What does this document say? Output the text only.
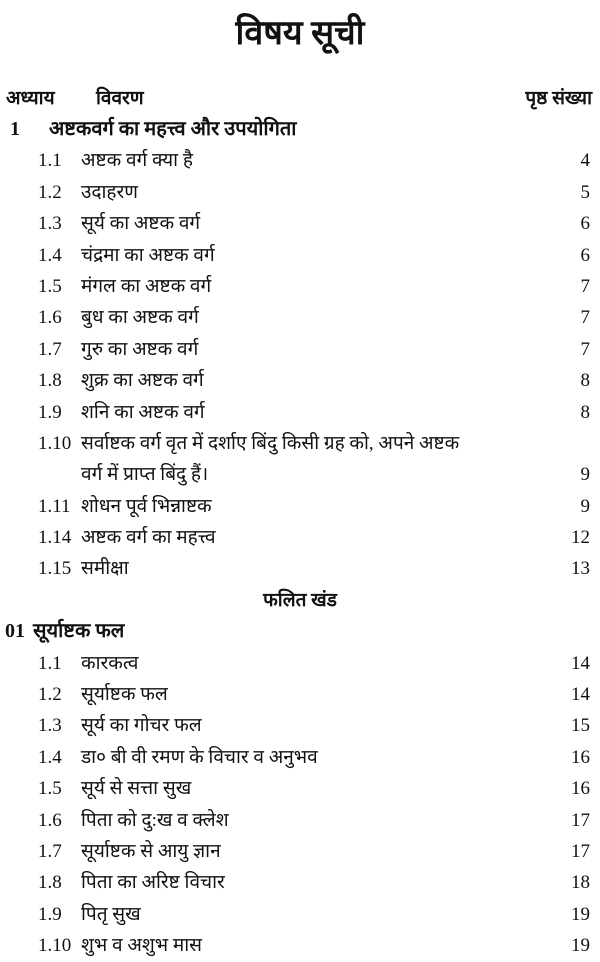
विषय सूची
अध्याय विवरण	पृष्ठ संख्या
1 अष्टकवर्ग का महत्त्व और उपयोगिता
1.1 अष्टक वर्ग क्या है	4
1.2 उदाहरण	5
1.3 सूर्य का अष्टक वर्ग	6
1.4 चंद्रमा का अष्टक वर्ग	6
1.5 मंगल का अष्टक वर्ग	7
1.6 बुध का अष्टक वर्ग	7
1.7 गुरु का अष्टक वर्ग	7
1.8 शुक्र का अष्टक वर्ग	8
1.9 शनि का अष्टक वर्ग	8
1.10 सर्वाष्टक वर्ग वृत में दर्शाए बिंदु किसी ग्रह को, अपने अष्टक
वर्ग में प्राप्त बिंदु हैं।	9
1.11 शोधन पूर्व भिन्नाष्टक	9
1.14 अष्टक वर्ग का महत्त्व	12
1.15 समीक्षा	13
फलित खंड
01 सूर्याष्टक फल
1.1 कारकत्व	14
1.2 सूर्याष्टक फल	14
1.3 सूर्य का गोचर फल	15
1.4 डा० बी वी रमण के विचार व अनुभव	16
1.5 सूर्य से सत्ता सुख	16
1.6 पिता को दु:ख व क्लेश	17
1.7 सूर्याष्टक से आयु ज्ञान	17
1.8 पिता का अरिष्ट विचार	18
1.9 पितृ सुख	19
1.10 शुभ व अशुभ मास	19
